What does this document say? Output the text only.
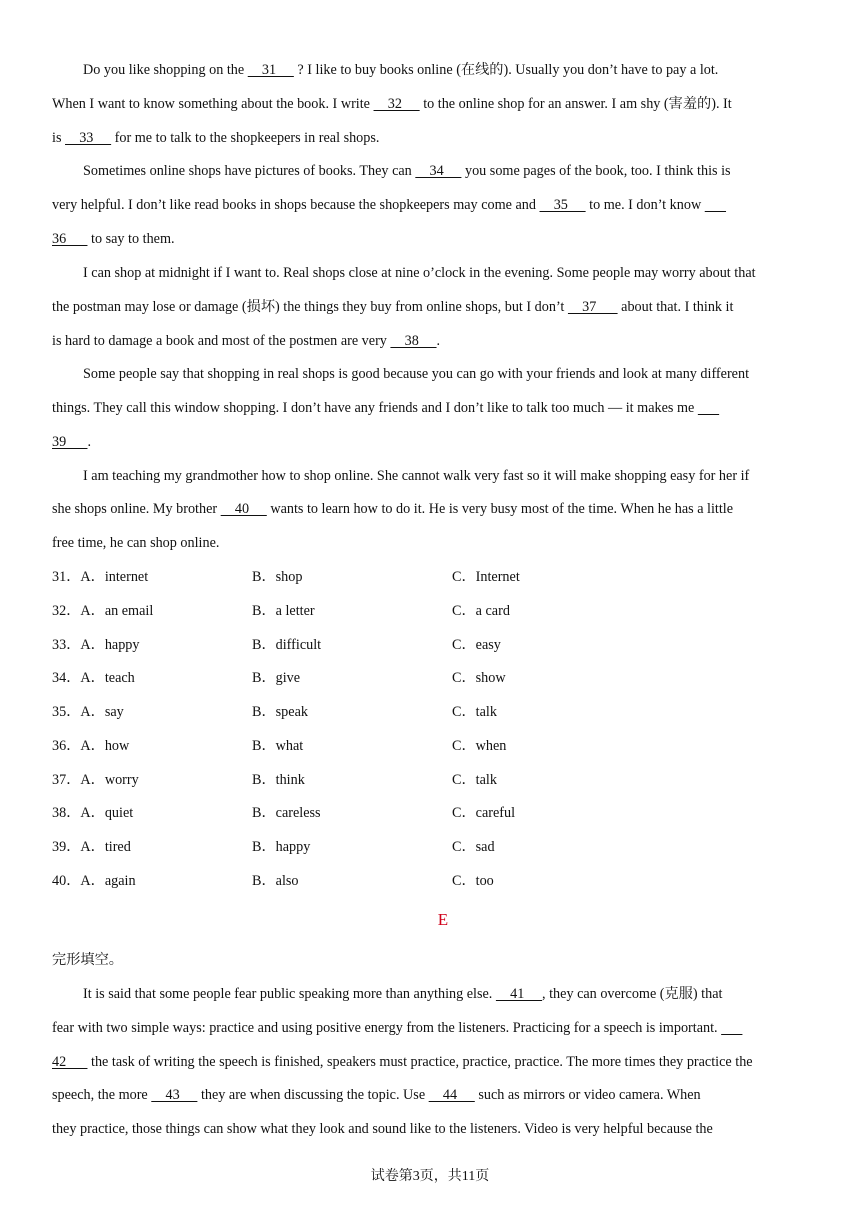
Do you like shopping on the     31      ? I like to buy books online (在线的). Usually you don’t have to pay a lot.
When I want to know something about the book. I write     32      to the online shop for an answer. I am shy (害羞的). It
is     33      for me to talk to the shopkeepers in real shops.
Sometimes online shops have pictures of books. They can     34      you some pages of the book, too. I think this is
very helpful. I don’t like read books in shops because the shopkeepers may come and     35      to me. I don’t know
36       to say to them.
I can shop at midnight if I want to. Real shops close at nine o’clock in the evening. Some people may worry about that
the postman may lose or damage (损坏) the things they buy from online shops, but I don’t     37       about that. I think it
is hard to damage a book and most of the postmen are very     38     .
Some people say that shopping in real shops is good because you can go with your friends and look at many different
things. They call this window shopping. I don’t have any friends and I don’t like to talk too much — it makes me
39      .
I am teaching my grandmother how to shop online. She cannot walk very fast so it will make shopping easy for her if
she shops online. My brother     40      wants to learn how to do it. He is very busy most of the time. When he has a little
free time, he can shop online.
31．A．internet	B．shop	C．Internet
32．A．an email	B．a letter	C．a card
33．A．happy	B．difficult	C．easy
34．A．teach	B．give	C．show
35．A．say	B．speak	C．talk
36．A．how	B．what	C．when
37．A．worry	B．think	C．talk
38．A．quiet	B．careless	C．careful
39．A．tired	B．happy	C．sad
40．A．again	B．also	C．too
E
完形填空。
It is said that some people fear public speaking more than anything else.     41     , they can overcome (克服) that
fear with two simple ways: practice and using positive energy from the listeners. Practicing for a speech is important.
42       the task of writing the speech is finished, speakers must practice, practice, practice. The more times they practice the
speech, the more     43      they are when discussing the topic. Use     44      such as mirrors or video camera. When
they practice, those things can show what they look and sound like to the listeners. Video is very helpful because the
试卷第3页，共11页
